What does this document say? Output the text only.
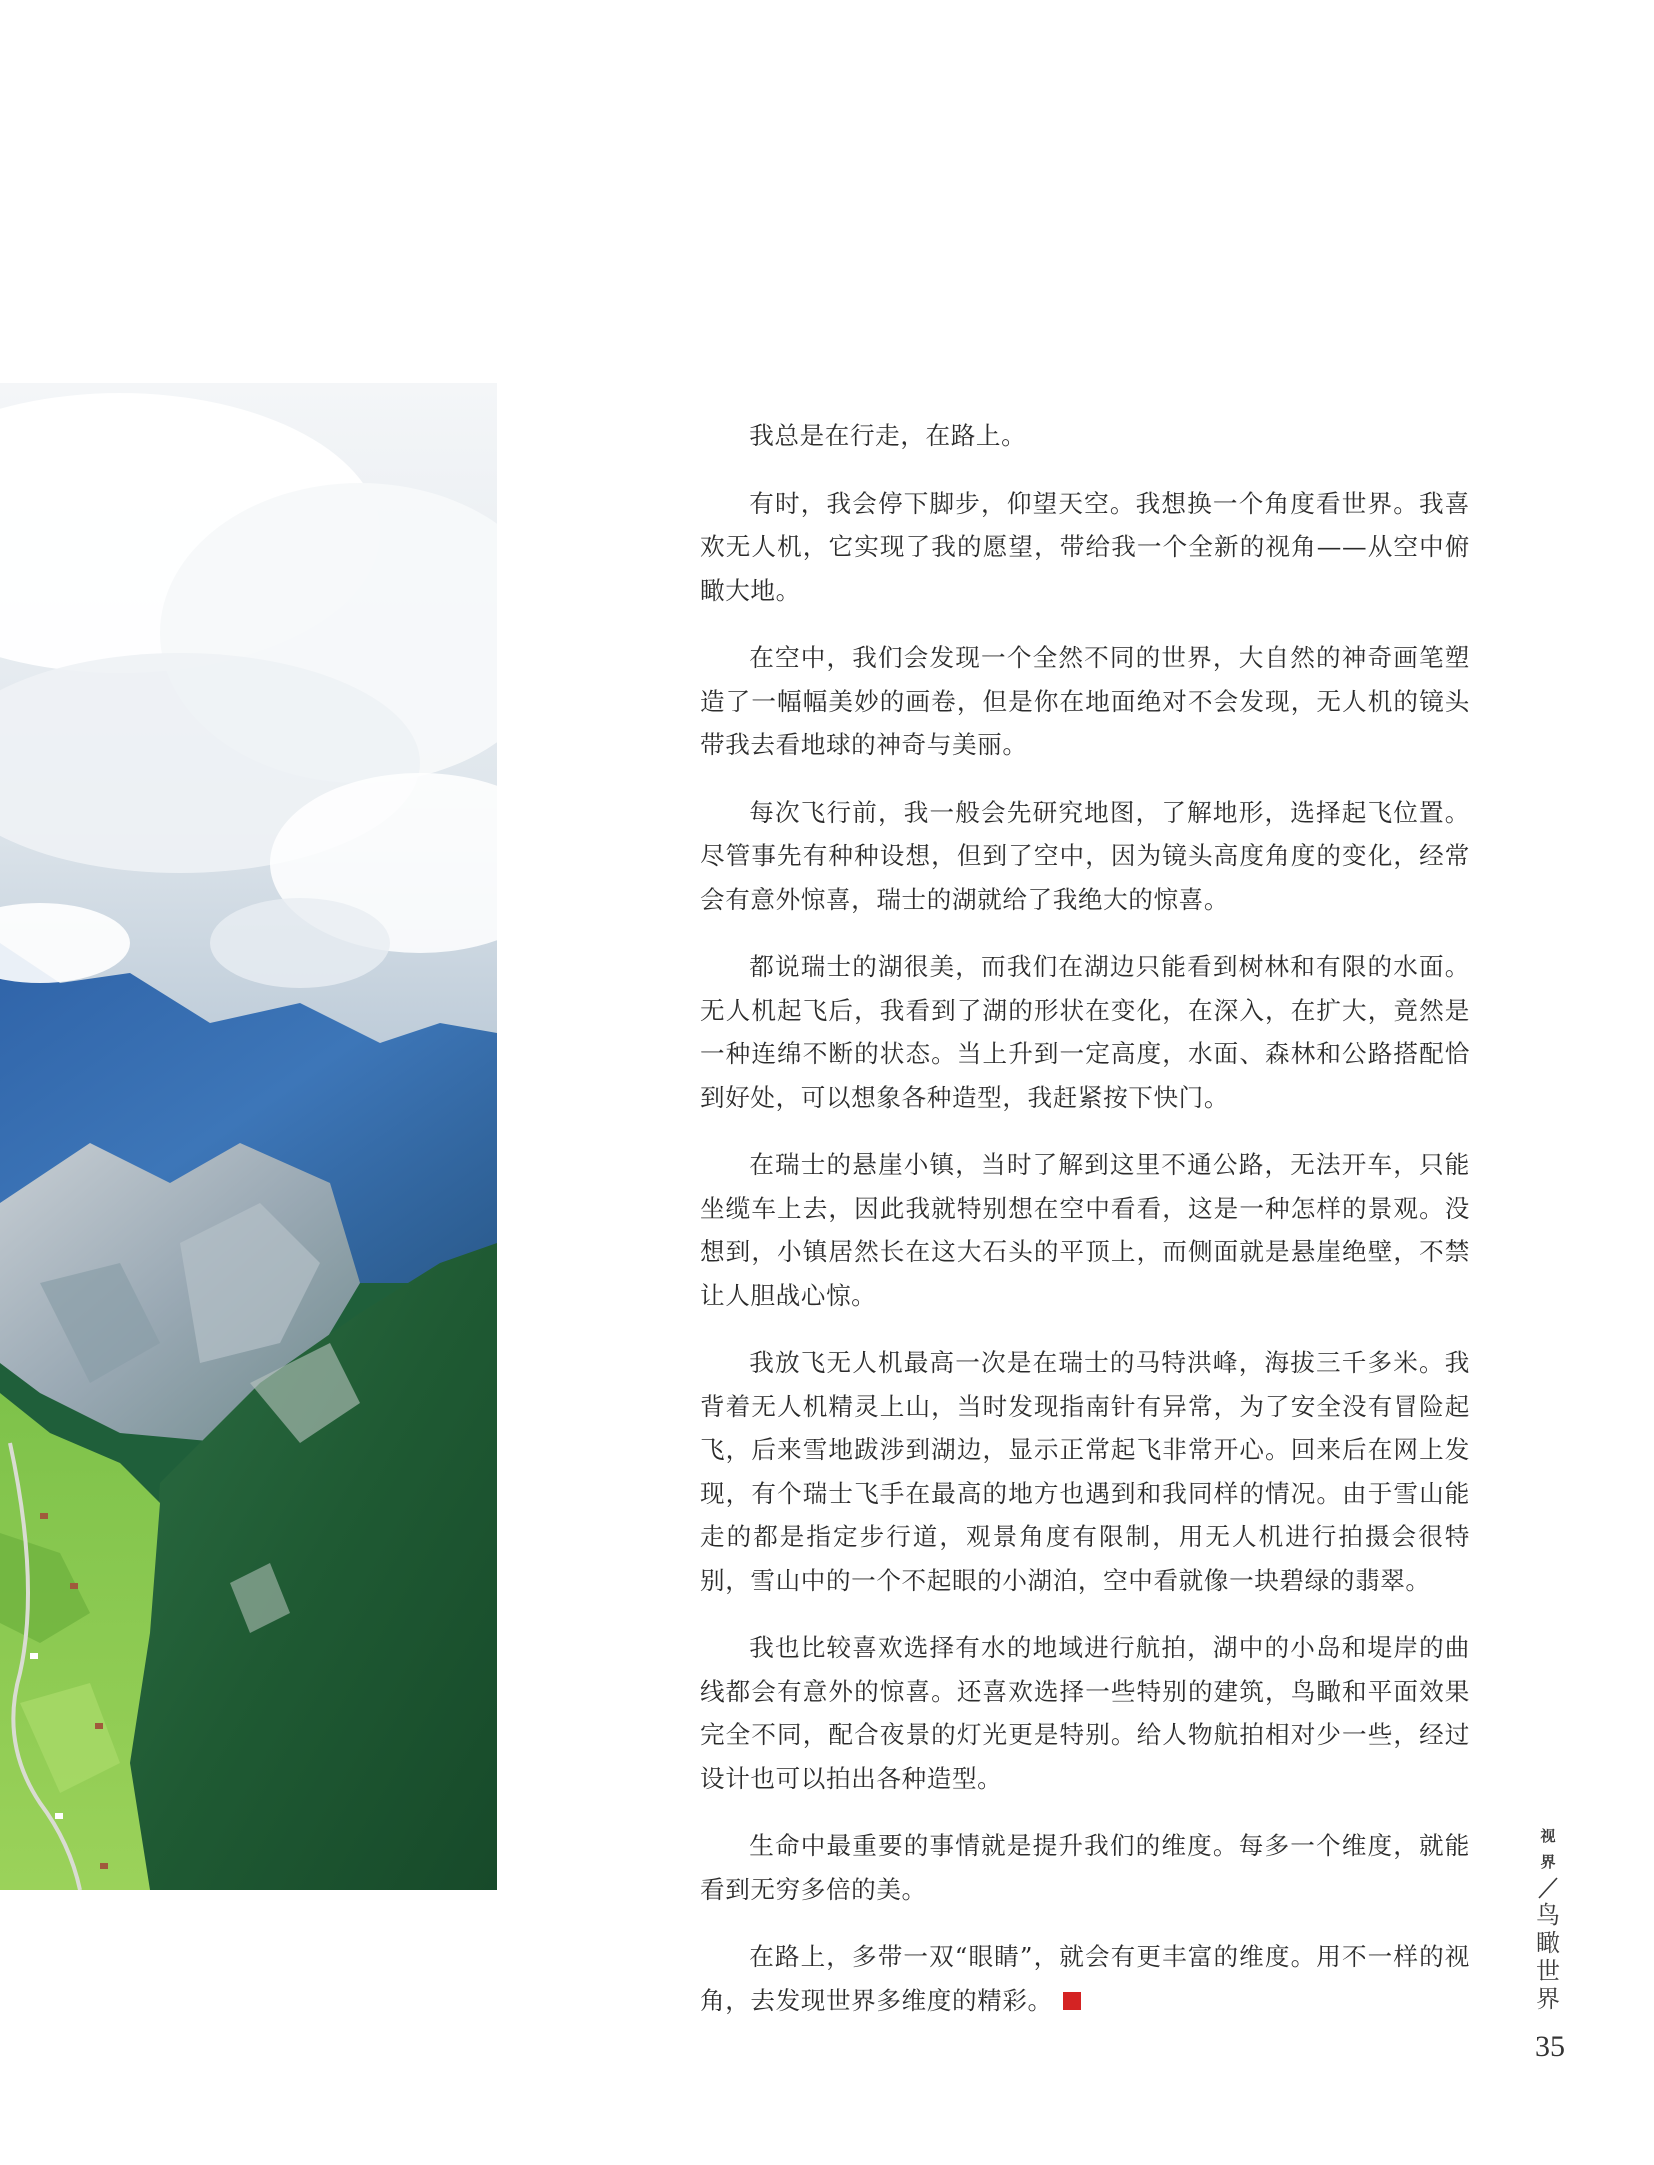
我总是在行走，在路上。

有时，我会停下脚步，仰望天空。我想换一个角度看世界。我喜欢无人机，它实现了我的愿望，带给我一个全新的视角——从空中俯瞰大地。

在空中，我们会发现一个全然不同的世界，大自然的神奇画笔塑造了一幅幅美妙的画卷，但是你在地面绝对不会发现，无人机的镜头带我去看地球的神奇与美丽。

每次飞行前，我一般会先研究地图，了解地形，选择起飞位置。尽管事先有种种设想，但到了空中，因为镜头高度角度的变化，经常会有意外惊喜，瑞士的湖就给了我绝大的惊喜。

都说瑞士的湖很美，而我们在湖边只能看到树林和有限的水面。无人机起飞后，我看到了湖的形状在变化，在深入，在扩大，竟然是一种连绵不断的状态。当上升到一定高度，水面、森林和公路搭配恰到好处，可以想象各种造型，我赶紧按下快门。

在瑞士的悬崖小镇，当时了解到这里不通公路，无法开车，只能坐缆车上去，因此我就特别想在空中看看，这是一种怎样的景观。没想到，小镇居然长在这大石头的平顶上，而侧面就是悬崖绝壁，不禁让人胆战心惊。

我放飞无人机最高一次是在瑞士的马特洪峰，海拔三千多米。我背着无人机精灵上山，当时发现指南针有异常，为了安全没有冒险起飞，后来雪地跋涉到湖边，显示正常起飞非常开心。回来后在网上发现，有个瑞士飞手在最高的地方也遇到和我同样的情况。由于雪山能走的都是指定步行道，观景角度有限制，用无人机进行拍摄会很特别，雪山中的一个不起眼的小湖泊，空中看就像一块碧绿的翡翠。

我也比较喜欢选择有水的地域进行航拍，湖中的小岛和堤岸的曲线都会有意外的惊喜。还喜欢选择一些特别的建筑，鸟瞰和平面效果完全不同，配合夜景的灯光更是特别。给人物航拍相对少一些，经过设计也可以拍出各种造型。

生命中最重要的事情就是提升我们的维度。每多一个维度，就能看到无穷多倍的美。

在路上，多带一双“眼睛”，就会有更丰富的维度。用不一样的视角，去发现世界多维度的精彩。

视
界
鸟
瞰
世
界
35
